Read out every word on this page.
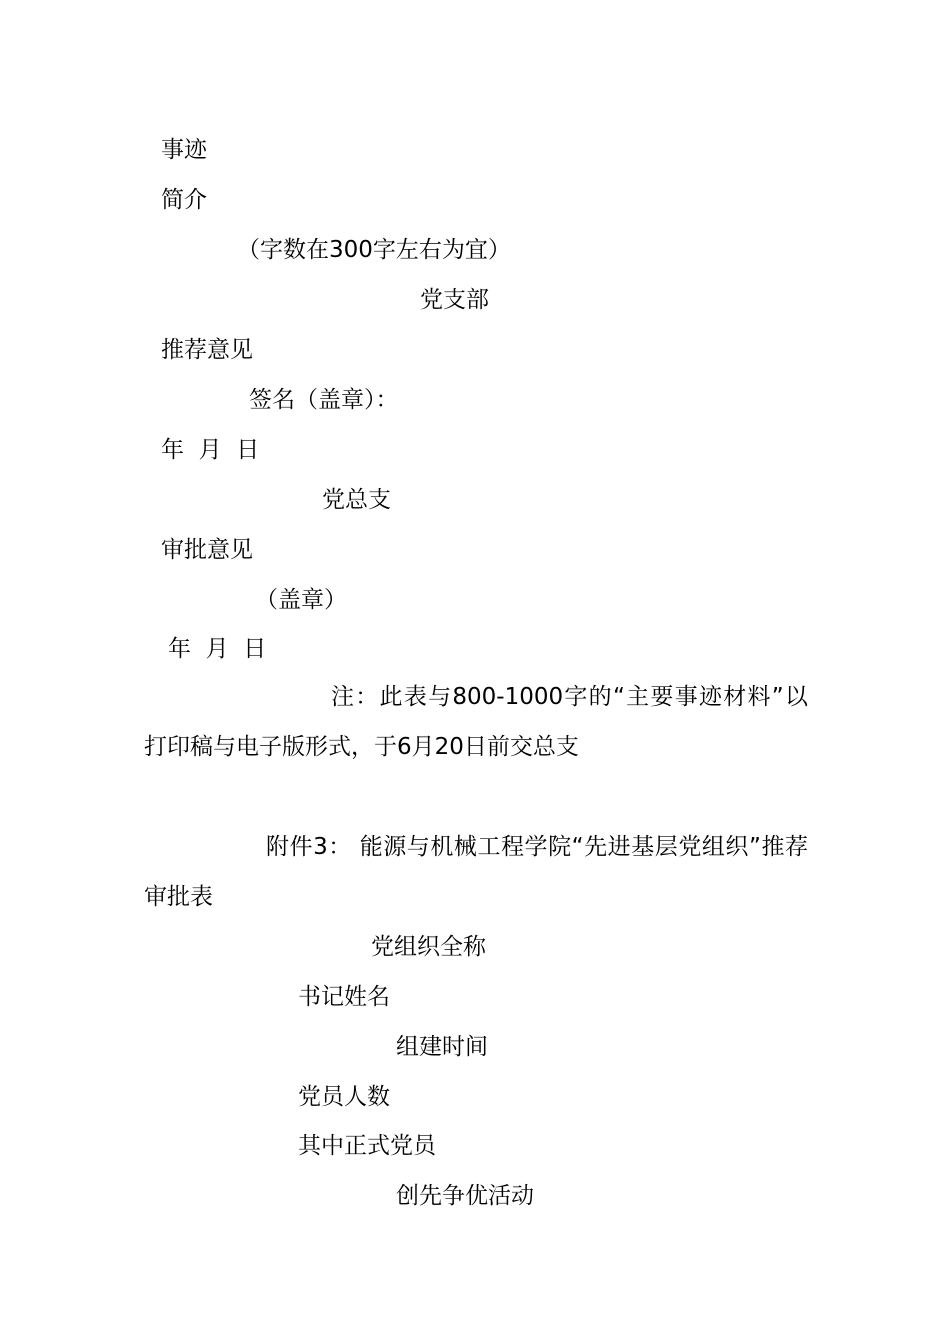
事迹
简介
（字数在300字左右为宜）
党支部
推荐意见
签名（盖章）：
年  月  日
党总支
审批意见
（盖章）
年  月  日
注：此表与800-1000字的“主要事迹材料”以打印稿与电子版形式，于6月20日前交总支
附件3： 能源与机械工程学院“先进基层党组织”推荐审批表
党组织全称
书记姓名
组建时间
党员人数
其中正式党员
创先争优活动
